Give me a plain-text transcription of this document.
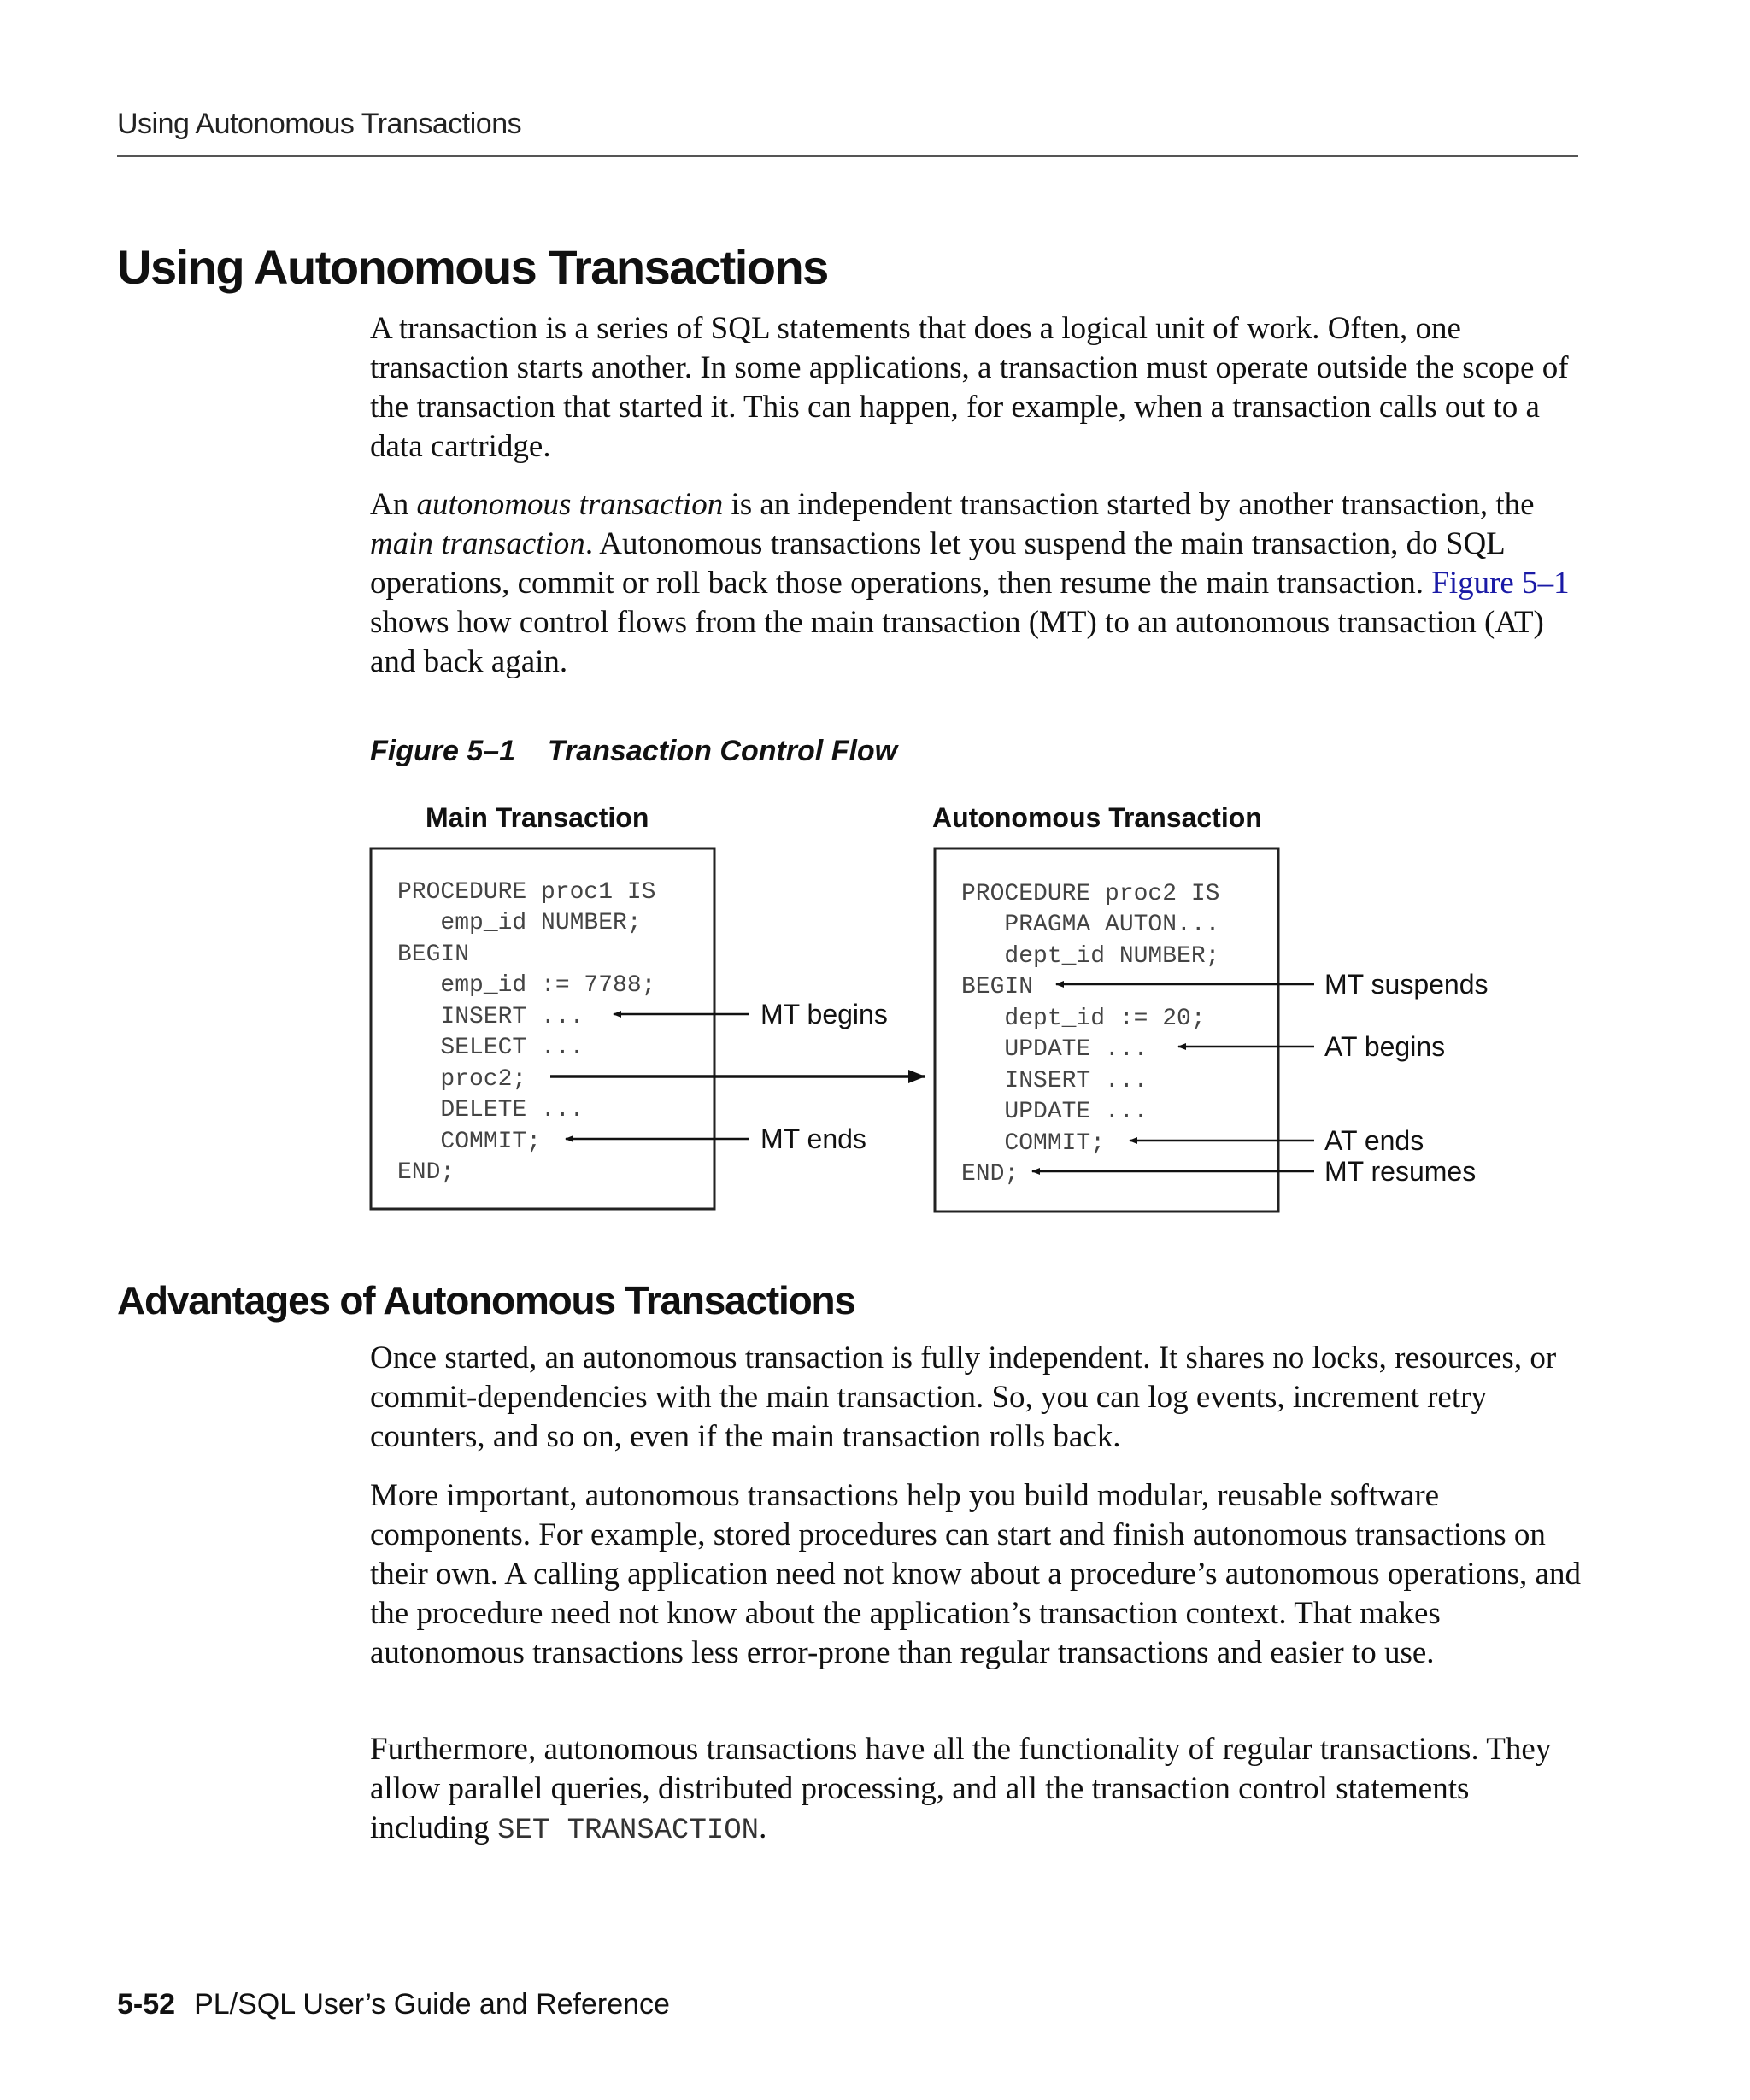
Using Autonomous Transactions
Using Autonomous Transactions

A transaction is a series of SQL statements that does a logical unit of work. Often, one transaction starts another. In some applications, a transaction must operate outside the scope of the transaction that started it. This can happen, for example, when a transaction calls out to a data cartridge.

An autonomous transaction is an independent transaction started by another transaction, the main transaction. Autonomous transactions let you suspend the main transaction, do SQL operations, commit or roll back those operations, then resume the main transaction. Figure 5–1 shows how control flows from the main transaction (MT) to an autonomous transaction (AT) and back again.

Figure 5–1    Transaction Control Flow
Main Transaction	Autonomous Transaction
PROCEDURE proc1 IS
emp_id NUMBER;
BEGIN
emp_id := 7788;
INSERT ...
SELECT ...
proc2;
DELETE ...
COMMIT;
END;
PROCEDURE proc2 IS
PRAGMA AUTON...
dept_id NUMBER;
BEGIN
dept_id := 20;
UPDATE ...
INSERT ...
UPDATE ...
COMMIT;
END;
MT begins
MT ends
MT suspends
AT begins
AT ends
MT resumes
Advantages of Autonomous Transactions

Once started, an autonomous transaction is fully independent. It shares no locks, resources, or commit-dependencies with the main transaction. So, you can log events, increment retry counters, and so on, even if the main transaction rolls back.

More important, autonomous transactions help you build modular, reusable software components. For example, stored procedures can start and finish autonomous transactions on their own. A calling application need not know about a procedure’s autonomous operations, and the procedure need not know about the application’s transaction context. That makes autonomous transactions less error-prone than regular transactions and easier to use.

Furthermore, autonomous transactions have all the functionality of regular transactions. They allow parallel queries, distributed processing, and all the transaction control statements including SET TRANSACTION.

5-52 PL/SQL User’s Guide and Reference
